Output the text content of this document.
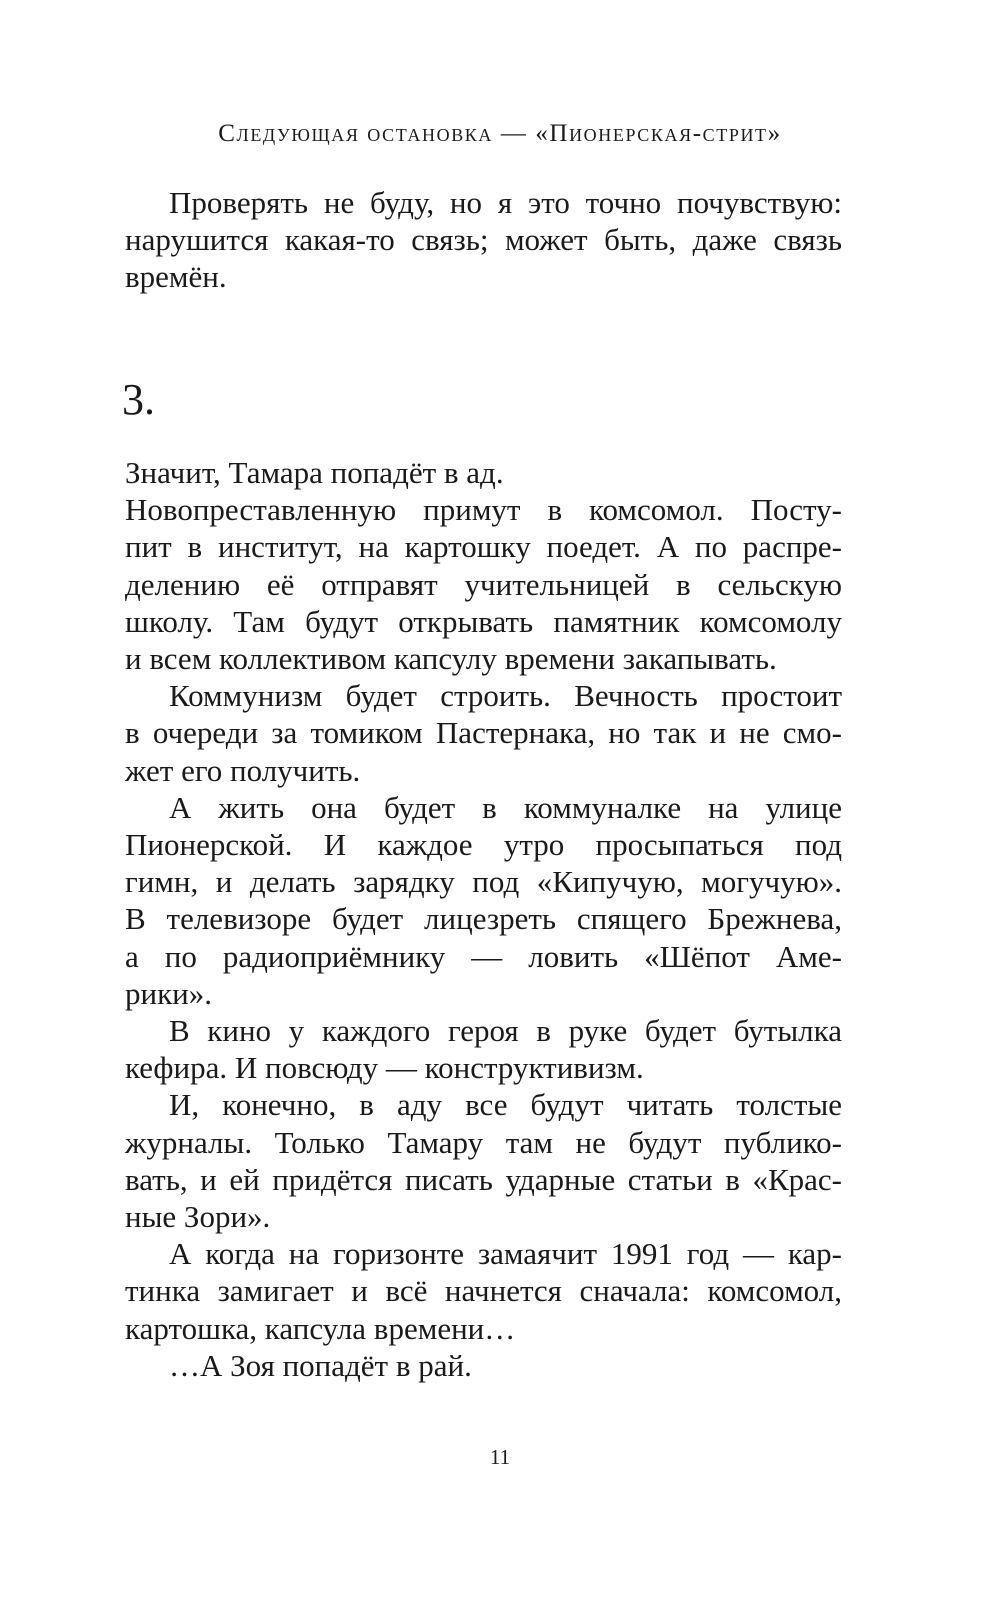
Следующая остановка — «Пионерская-стрит»
Проверять не буду, но я это точно почувствую:
нарушится какая-то связь; может быть, даже связь
времён.
3.
Значит, Тамара попадёт в ад.
Новопреставленную примут в комсомол. Посту-
пит в институт, на картошку поедет. А по распре-
делению её отправят учительницей в сельскую
школу. Там будут открывать памятник комсомолу
и всем коллективом капсулу времени закапывать.
Коммунизм будет строить. Вечность простоит
в очереди за томиком Пастернака, но так и не смо-
жет его получить.
А жить она будет в коммуналке на улице
Пионерской. И каждое утро просыпаться под
гимн, и делать зарядку под «Кипучую, могучую».
В телевизоре будет лицезреть спящего Брежнева,
а по радиоприёмнику — ловить «Шёпот Аме-
рики».
В кино у каждого героя в руке будет бутылка
кефира. И повсюду — конструктивизм.
И, конечно, в аду все будут читать толстые
журналы. Только Тамару там не будут публико-
вать, и ей придётся писать ударные статьи в «Крас-
ные Зори».
А когда на горизонте замаячит 1991 год — кар-
тинка замигает и всё начнется сначала: комсомол,
картошка, капсула времени…
…А Зоя попадёт в рай.
11
